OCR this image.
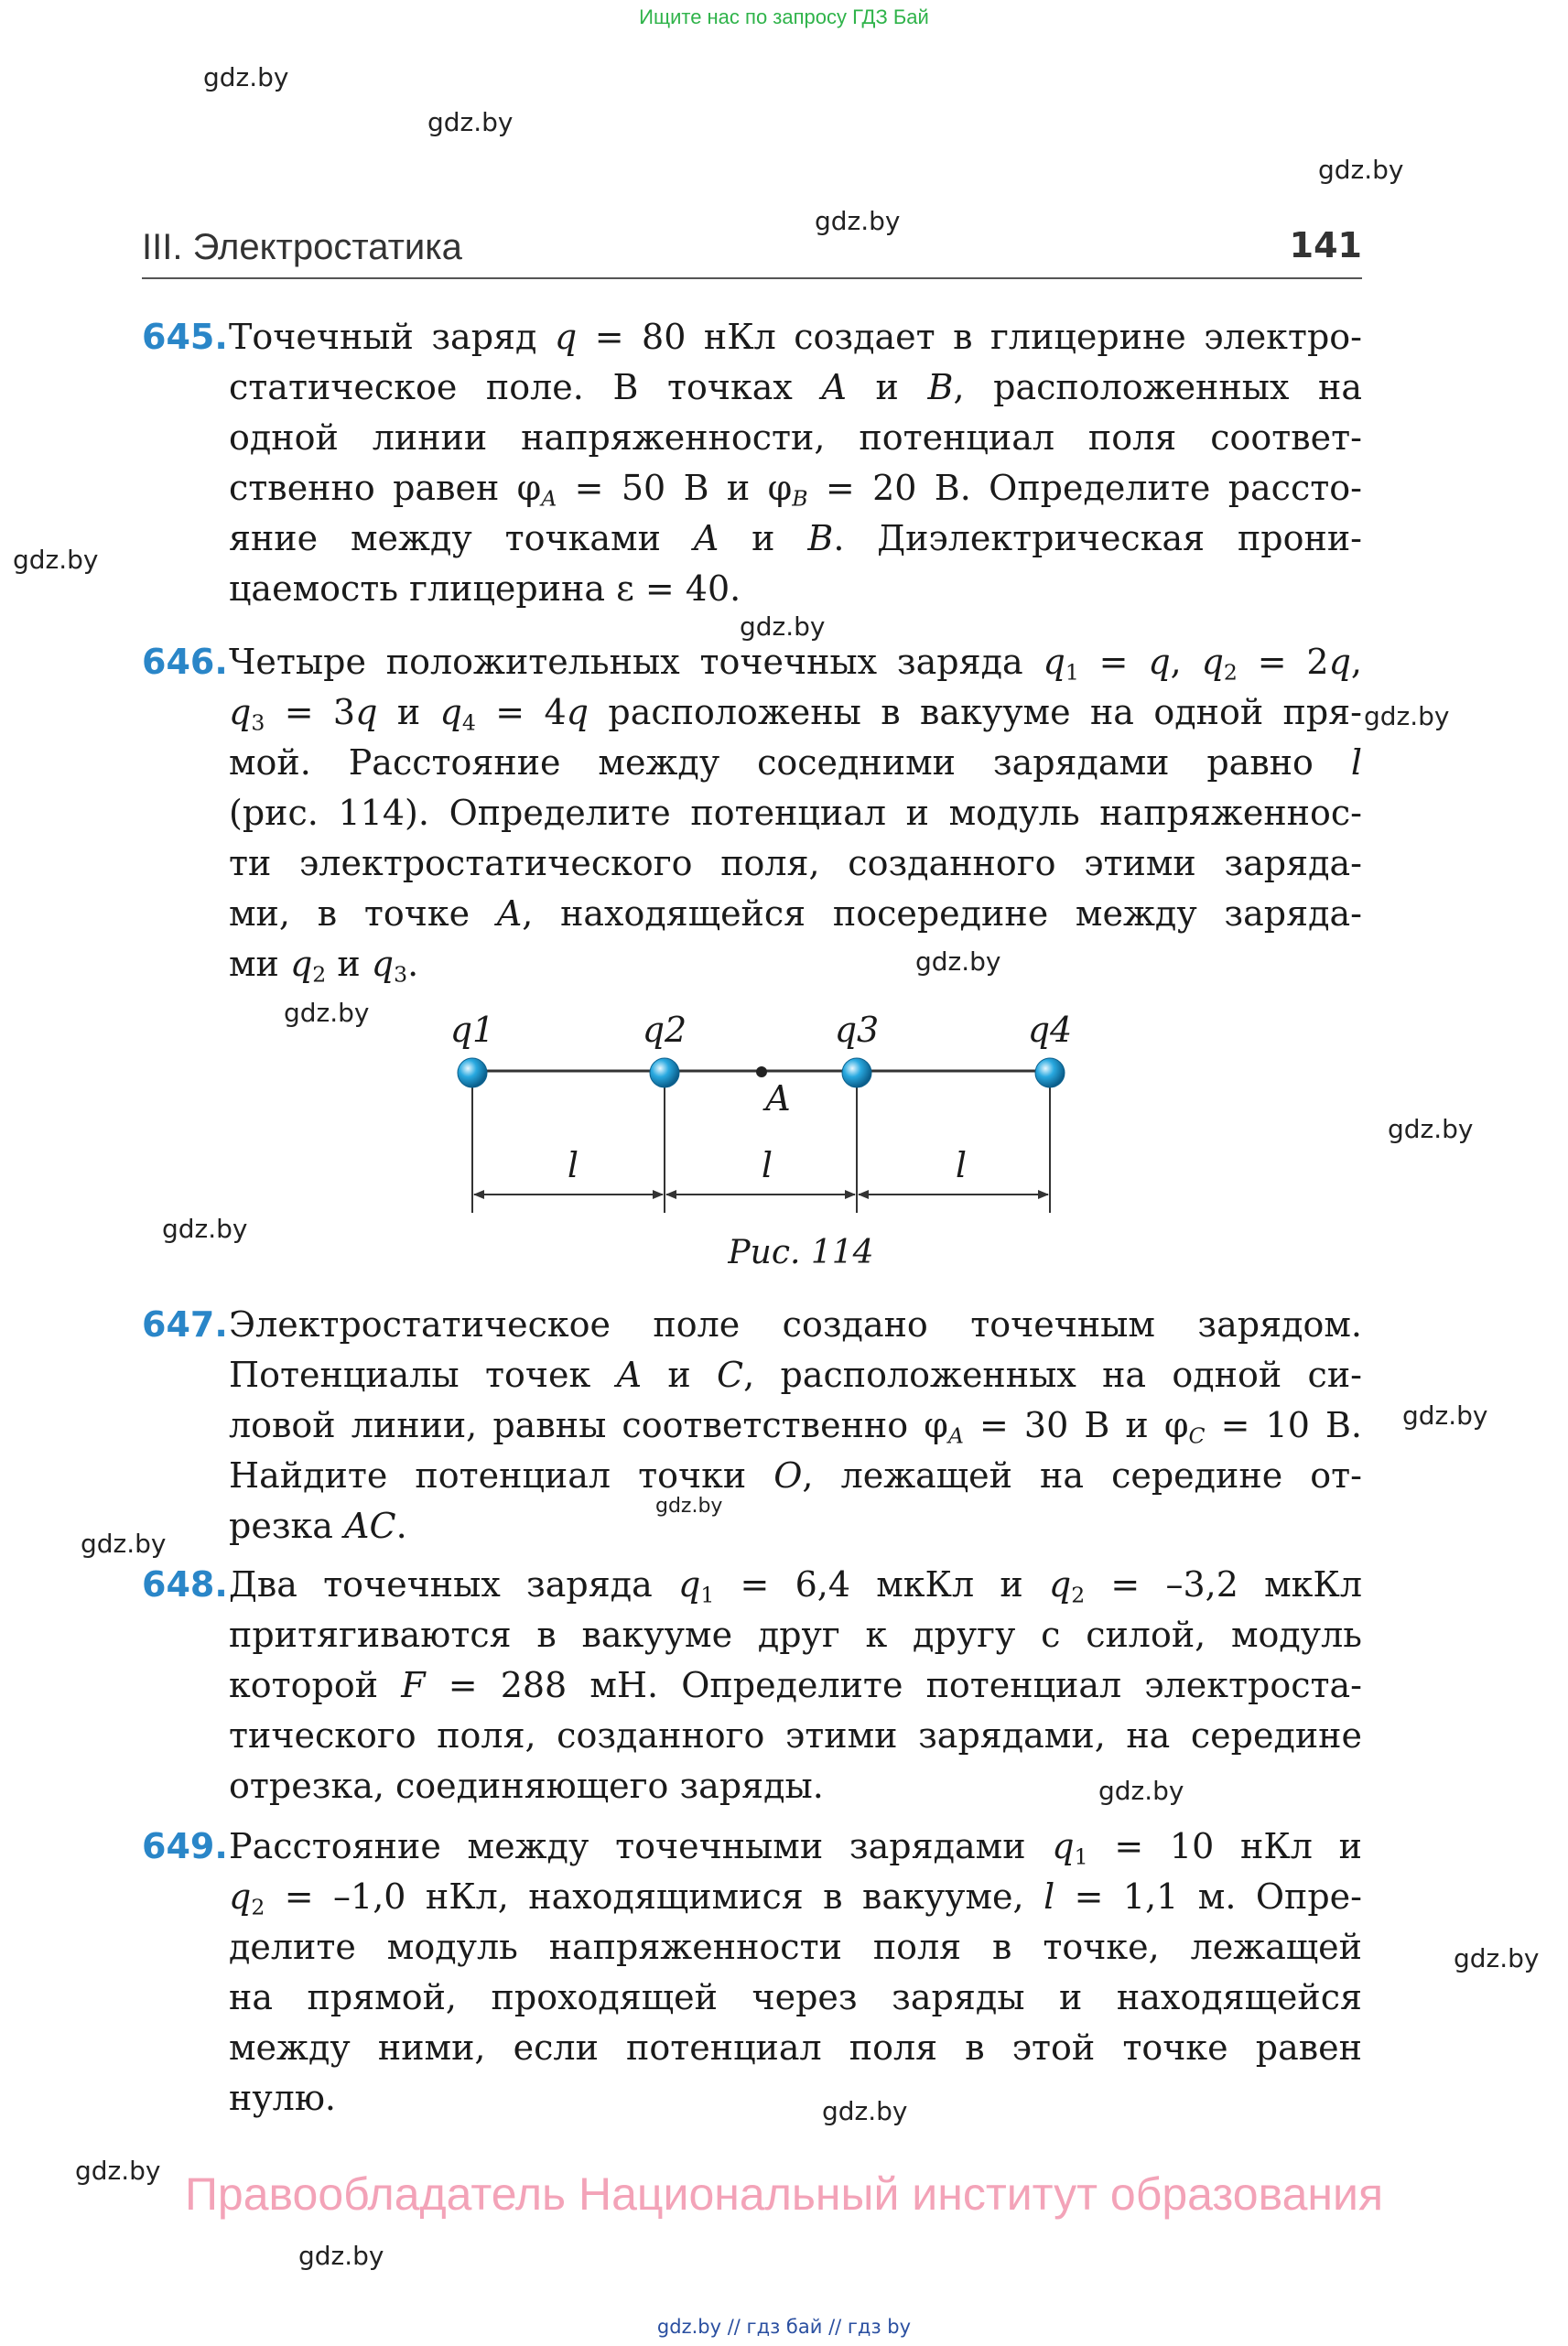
Ищите нас по запросу ГДЗ Бай
gdz.by
gdz.by
gdz.by
gdz.by
gdz.by
gdz.by
gdz.by
gdz.by
gdz.by
gdz.by
gdz.by
gdz.by
gdz.by
gdz.by
gdz.by
gdz.by
gdz.by
gdz.by
gdz.by
III. Электростатика	141
645. Точечный заряд q = 80 нКл создает в глицерине электро-
статическое поле. В точках A и B, расположенных на
одной линии напряженности, потенциал поля соответ-
ственно равен $\varphi_A = 50$ В и $\varphi_B = 20$ В. Определите рассто-
яние между точками A и B. Диэлектрическая прони-
цаемость глицерина ε = 40.
646. Четыре положительных точечных заряда $q_1 = q$, $q_2 = 2q$,
$q_3 = 3q$ и $q_4 = 4q$ расположены в вакууме на одной пря-
мой. Расстояние между соседними зарядами равно l
(рис. 114). Определите потенциал и модуль напряженнос-
ти электростатического поля, созданного этими заряда-
ми, в точке A, находящейся посередине между заряда-
ми $q_2$ и $q_3$.
q1	q2	q3	q4
A
l	l	l
Рис. 114
647. Электростатическое поле создано точечным зарядом.
Потенциалы точек A и C, расположенных на одной си-
ловой линии, равны соответственно $\varphi_A = 30$ В и $\varphi_C = 10$ В.
Найдите потенциал точки O, лежащей на середине от-
резка AC.
648. Два точечных заряда $q_1 = 6,4$ мкКл и $q_2 = -3,2$ мкКл
притягиваются в вакууме друг к другу с силой, модуль
которой F = 288 мН. Определите потенциал электроста-
тического поля, созданного этими зарядами, на середине
отрезка, соединяющего заряды.
649. Расстояние между точечными зарядами $q_1 = 10$ нКл и
$q_2 = -1,0$ нКл, находящимися в вакууме, l = 1,1 м. Опре-
делите модуль напряженности поля в точке, лежащей
на прямой, проходящей через заряды и находящейся
между ними, если потенциал поля в этой точке равен
нулю.
Правообладатель Национальный институт образования
gdz.by // гдз бай // гдз by
